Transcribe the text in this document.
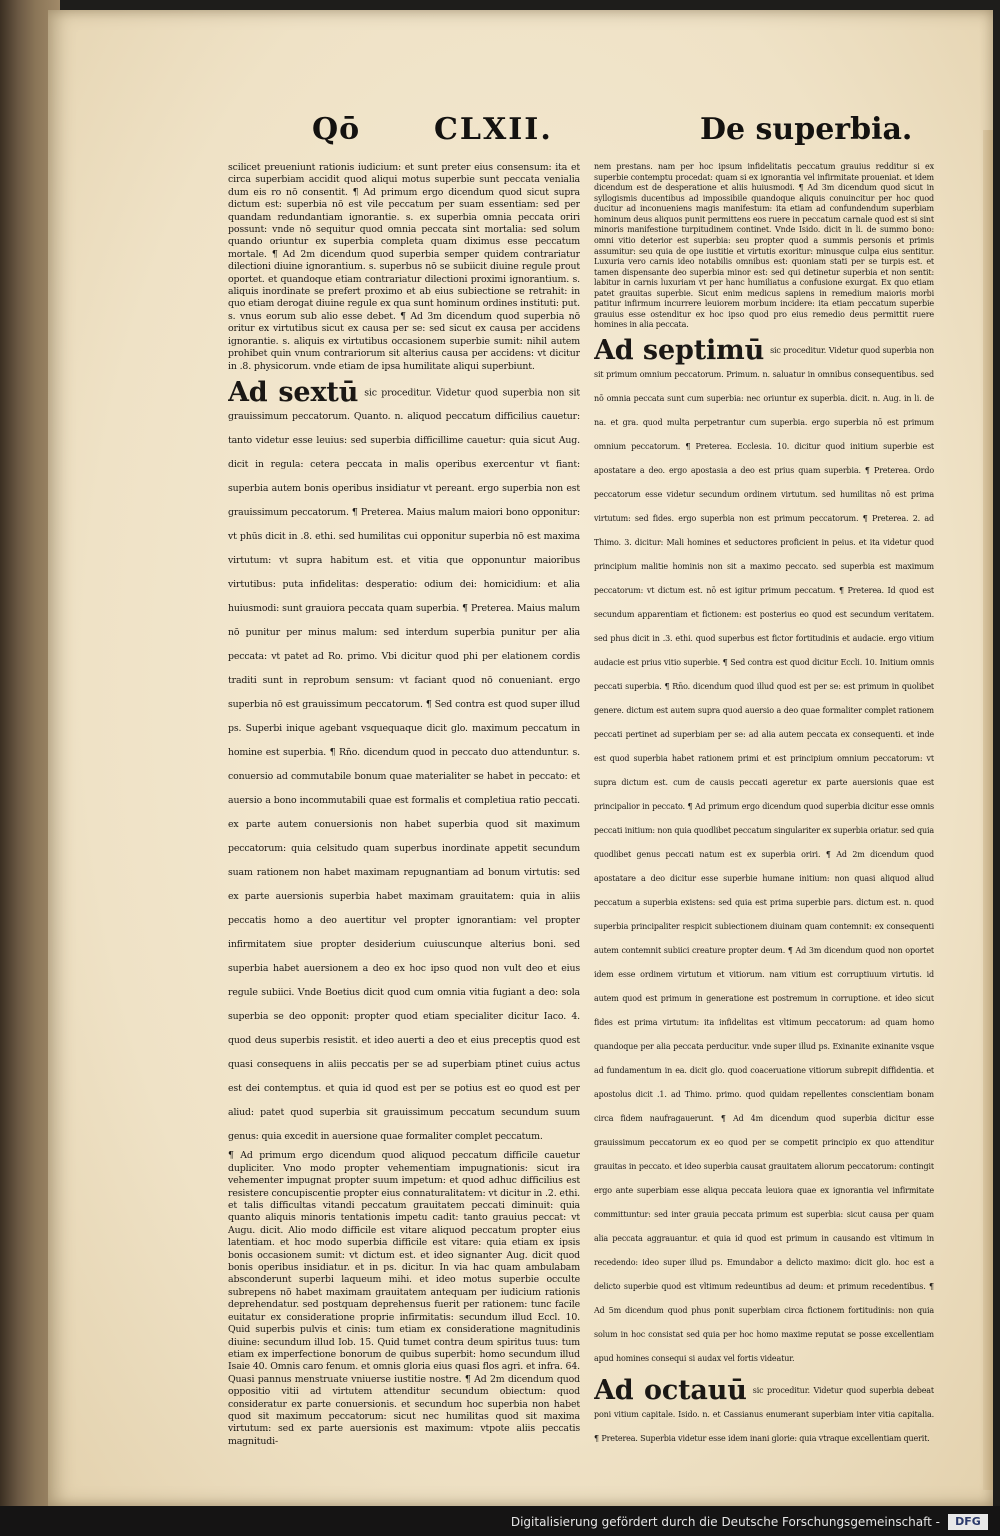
Qō CLXII.	De superbia.

scilicet preueniunt rationis iudicium: et sunt preter eius consensum: ita et circa superbiam accidit quod aliqui motus superbie sunt peccata venialia dum eis ro nō consentit. ¶ Ad primum ergo dicendum quod sicut supra dictum est: superbia nō est vile peccatum per suam essentiam: sed per quandam redundantiam ignorantie. s. ex superbia omnia peccata oriri possunt: vnde nō sequitur quod omnia peccata sint mortalia: sed solum quando oriuntur ex superbia completa quam diximus esse peccatum mortale. ¶ Ad 2m dicendum quod superbia semper quidem contrariatur dilectioni diuine ignorantium. s. superbus nō se subiicit diuine regule prout oportet. et quandoque etiam contrariatur dilectioni proximi ignorantium. s. aliquis inordinate se prefert proximo et ab eius subiectione se retrahit: in quo etiam derogat diuine regule ex qua sunt hominum ordines instituti: put. s. vnus eorum sub alio esse debet. ¶ Ad 3m dicendum quod superbia nō oritur ex virtutibus sicut ex causa per se: sed sicut ex causa per accidens ignorantie. s. aliquis ex virtutibus occasionem superbie sumit: nihil autem prohibet quin vnum contrariorum sit alterius causa per accidens: vt dicitur in .8. physicorum. vnde etiam de ipsa humilitate aliqui superbiunt.

Ad sextū sic proceditur. Videtur quod superbia non sit grauissimum peccatorum. Quanto. n. aliquod peccatum difficilius cauetur: tanto videtur esse leuius: sed superbia difficillime cauetur: quia sicut Aug. dicit in regula: cetera peccata in malis operibus exercentur vt fiant: superbia autem bonis operibus insidiatur vt pereant. ergo superbia non est grauissimum peccatorum. ¶ Preterea. Maius malum maiori bono opponitur: vt phūs dicit in .8. ethi. sed humilitas cui opponitur superbia nō est maxima virtutum: vt supra habitum est. et vitia que opponuntur maioribus virtutibus: puta infidelitas: desperatio: odium dei: homicidium: et alia huiusmodi: sunt grauiora peccata quam superbia. ¶ Preterea. Maius malum nō punitur per minus malum: sed interdum superbia punitur per alia peccata: vt patet ad Ro. primo. Vbi dicitur quod phi per elationem cordis traditi sunt in reprobum sensum: vt faciant quod nō conueniant. ergo superbia nō est grauissimum peccatorum. ¶ Sed contra est quod super illud ps. Superbi inique agebant vsquequaque dicit glo. maximum peccatum in homine est superbia. ¶ Rn̄o. dicendum quod in peccato duo attenduntur. s. conuersio ad commutabile bonum quae materialiter se habet in peccato: et auersio a bono incommutabili quae est formalis et completiua ratio peccati. ex parte autem conuersionis non habet superbia quod sit maximum peccatorum: quia celsitudo quam superbus inordinate appetit secundum suam rationem non habet maximam repugnantiam ad bonum virtutis: sed ex parte auersionis superbia habet maximam grauitatem: quia in aliis peccatis homo a deo auertitur vel propter ignorantiam: vel propter infirmitatem siue propter desiderium cuiuscunque alterius boni. sed superbia habet auersionem a deo ex hoc ipso quod non vult deo et eius regule subiici. Vnde Boetius dicit quod cum omnia vitia fugiant a deo: sola superbia se deo opponit: propter quod etiam specialiter dicitur Iaco. 4. quod deus superbis resistit. et ideo auerti a deo et eius preceptis quod est quasi consequens in aliis peccatis per se ad superbiam ptinet cuius actus est dei contemptus. et quia id quod est per se potius est eo quod est per aliud: patet quod superbia sit grauissimum peccatum secundum suum genus: quia excedit in auersione quae formaliter complet peccatum.

¶ Ad primum ergo dicendum quod aliquod peccatum difficile cauetur dupliciter. Vno modo propter vehementiam impugnationis: sicut ira vehementer impugnat propter suum impetum: et quod adhuc difficilius est resistere concupiscentie propter eius connaturalitatem: vt dicitur in .2. ethi. et talis difficultas vitandi peccatum grauitatem peccati diminuit: quia quanto aliquis minoris tentationis impetu cadit: tanto grauius peccat: vt Augu. dicit. Alio modo difficile est vitare aliquod peccatum propter eius latentiam. et hoc modo superbia difficile est vitare: quia etiam ex ipsis bonis occasionem sumit: vt dictum est. et ideo signanter Aug. dicit quod bonis operibus insidiatur. et in ps. dicitur. In via hac quam ambulabam absconderunt superbi laqueum mihi. et ideo motus superbie occulte subrepens nō habet maximam grauitatem antequam per iudicium rationis deprehendatur. sed postquam deprehensus fuerit per rationem: tunc facile euitatur ex consideratione proprie infirmitatis: secundum illud Eccl. 10. Quid superbis pulvis et cinis: tum etiam ex consideratione magnitudinis diuine: secundum illud Iob. 15. Quid tumet contra deum spiritus tuus: tum etiam ex imperfectione bonorum de quibus superbit: homo secundum illud Isaie 40. Omnis caro fenum. et omnis gloria eius quasi flos agri. et infra. 64. Quasi pannus menstruate vniuerse iustitie nostre. ¶ Ad 2m dicendum quod oppositio vitii ad virtutem attenditur secundum obiectum: quod consideratur ex parte conuersionis. et secundum hoc superbia non habet quod sit maximum peccatorum: sicut nec humilitas quod sit maxima virtutum: sed ex parte auersionis est maximum: vtpote aliis peccatis magnitudi-

nem prestans. nam per hoc ipsum infidelitatis peccatum grauius redditur si ex superbie contemptu procedat: quam si ex ignorantia vel infirmitate proueniat. et idem dicendum est de desperatione et aliis huiusmodi. ¶ Ad 3m dicendum quod sicut in syllogismis ducentibus ad impossibile quandoque aliquis conuincitur per hoc quod ducitur ad inconueniens magis manifestum: ita etiam ad confundendum superbiam hominum deus aliquos punit permittens eos ruere in peccatum carnale quod est si sint minoris manifestione turpitudinem continet. Vnde Isido. dicit in li. de summo bono: omni vitio deterior est superbia: seu propter quod a summis personis et primis assumitur: seu quia de ope iustitie et virtutis exoritur: minusque culpa eius sentitur. Luxuria vero carnis ideo notabilis omnibus est: quoniam stati per se turpis est. et tamen dispensante deo superbia minor est: sed qui detinetur superbia et non sentit: labitur in carnis luxuriam vt per hanc humiliatus a confusione exurgat. Ex quo etiam patet grauitas superbie. Sicut enim medicus sapiens in remedium maioris morbi patitur infirmum incurrere leuiorem morbum incidere: ita etiam peccatum superbie grauius esse ostenditur ex hoc ipso quod pro eius remedio deus permittit ruere homines in alia peccata.

Ad septimū sic proceditur. Videtur quod superbia non sit primum omnium peccatorum. Primum. n. saluatur in omnibus consequentibus. sed nō omnia peccata sunt cum superbia: nec oriuntur ex superbia. dicit. n. Aug. in li. de na. et gra. quod multa perpetrantur cum superbia. ergo superbia nō est primum omnium peccatorum. ¶ Preterea. Ecclesia. 10. dicitur quod initium superbie est apostatare a deo. ergo apostasia a deo est prius quam superbia. ¶ Preterea. Ordo peccatorum esse videtur secundum ordinem virtutum. sed humilitas nō est prima virtutum: sed fides. ergo superbia non est primum peccatorum. ¶ Preterea. 2. ad Thimo. 3. dicitur: Mali homines et seductores proficient in peius. et ita videtur quod principium malitie hominis non sit a maximo peccato. sed superbia est maximum peccatorum: vt dictum est. nō est igitur primum peccatum. ¶ Preterea. Id quod est secundum apparentiam et fictionem: est posterius eo quod est secundum veritatem. sed phus dicit in .3. ethi. quod superbus est fictor fortitudinis et audacie. ergo vitium audacie est prius vitio superbie. ¶ Sed contra est quod dicitur Eccli. 10. Initium omnis peccati superbia. ¶ Rn̄o. dicendum quod illud quod est per se: est primum in quolibet genere. dictum est autem supra quod auersio a deo quae formaliter complet rationem peccati pertinet ad superbiam per se: ad alia autem peccata ex consequenti. et inde est quod superbia habet rationem primi et est principium omnium peccatorum: vt supra dictum est. cum de causis peccati ageretur ex parte auersionis quae est principalior in peccato. ¶ Ad primum ergo dicendum quod superbia dicitur esse omnis peccati initium: non quia quodlibet peccatum singulariter ex superbia oriatur. sed quia quodlibet genus peccati natum est ex superbia oriri. ¶ Ad 2m dicendum quod apostatare a deo dicitur esse superbie humane initium: non quasi aliquod aliud peccatum a superbia existens: sed quia est prima superbie pars. dictum est. n. quod superbia principaliter respicit subiectionem diuinam quam contemnit: ex consequenti autem contemnit subiici creature propter deum. ¶ Ad 3m dicendum quod non oportet idem esse ordinem virtutum et vitiorum. nam vitium est corruptiuum virtutis. id autem quod est primum in generatione est postremum in corruptione. et ideo sicut fides est prima virtutum: ita infidelitas est vltimum peccatorum: ad quam homo quandoque per alia peccata perducitur. vnde super illud ps. Exinanite exinanite vsque ad fundamentum in ea. dicit glo. quod coaceruatione vitiorum subrepit diffidentia. et apostolus dicit .1. ad Thimo. primo. quod quidam repellentes conscientiam bonam circa fidem naufragauerunt. ¶ Ad 4m dicendum quod superbia dicitur esse grauissimum peccatorum ex eo quod per se competit principio ex quo attenditur grauitas in peccato. et ideo superbia causat grauitatem aliorum peccatorum: contingit ergo ante superbiam esse aliqua peccata leuiora quae ex ignorantia vel infirmitate committuntur: sed inter grauia peccata primum est superbia: sicut causa per quam alia peccata aggrauantur. et quia id quod est primum in causando est vltimum in recedendo: ideo super illud ps. Emundabor a delicto maximo: dicit glo. hoc est a delicto superbie quod est vltimum redeuntibus ad deum: et primum recedentibus. ¶ Ad 5m dicendum quod phus ponit superbiam circa fictionem fortitudinis: non quia solum in hoc consistat sed quia per hoc homo maxime reputat se posse excellentiam apud homines consequi si audax vel fortis videatur.

Ad octauū sic proceditur. Videtur quod superbia debeat poni vitium capitale. Isido. n. et Cassianus enumerant superbiam inter vitia capitalia. ¶ Preterea. Superbia videtur esse idem inani glorie: quia vtraque excellentiam querit.

Digitalisierung gefördert durch die Deutsche Forschungsgemeinschaft -	DFG
